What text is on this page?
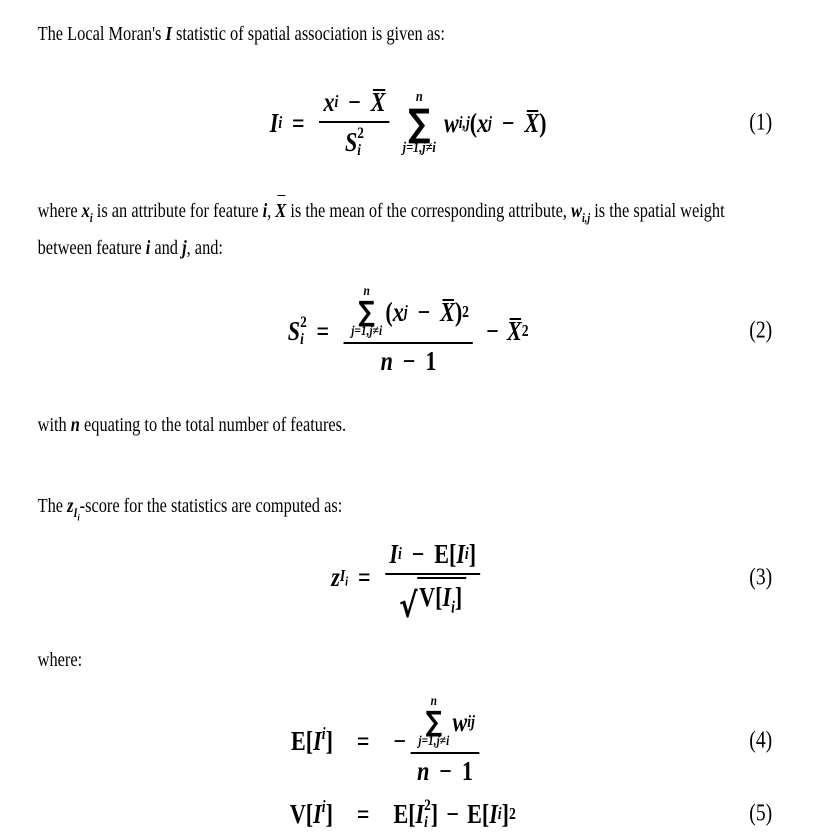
The Local Moran's I statistic of spatial association is given as:

I i = x i − X
S 2
i n
∑
j=1,j≠i
w i,j ( x j − X )	(1)

where $x_i$ is an attribute for feature i, X is the mean of the corresponding attribute, $w_{i,j}$ is the spatial weight between feature i and j, and:

S 2
i =
n
∑
j=1,j≠i
( x j − X ) 2
n − 1
− X 2	(2)

with n equating to the total number of features.

The $z_{I_i}$-score for the statistics are computed as:

z $I_i = \frac{\text{I i − E [ I i ]}}{√ V[I_i]}$	(3)

where:

E [ I i ] = −
n
∑
j=1,j≠i
w ij
n − 1
(4)
V [ I i ] = E [ I 2
i ] − E [ I i ] 2	(5)
